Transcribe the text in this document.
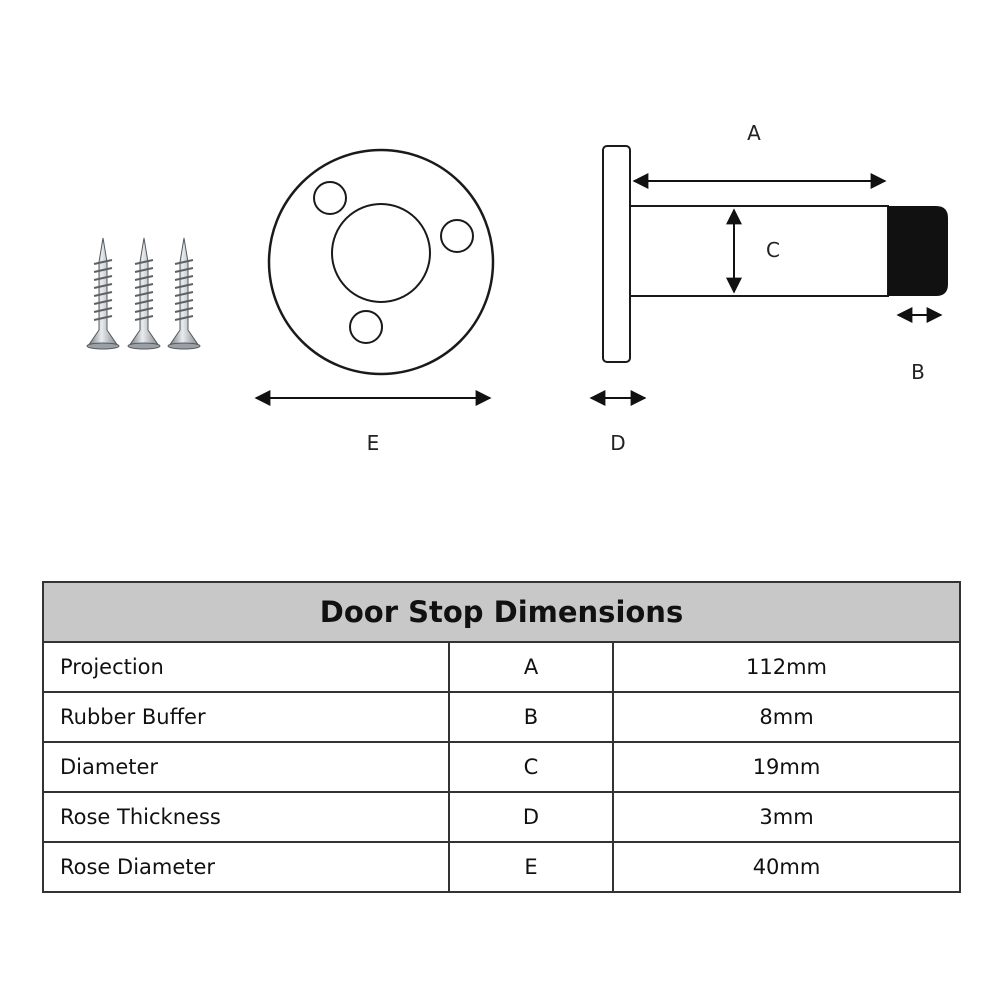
E
A
C
B
D
Door Stop Dimensions		
Projection	A	112mm
Rubber Buffer	B	8mm
Diameter	C	19mm
Rose Thickness	D	3mm
Rose Diameter	E	40mm
